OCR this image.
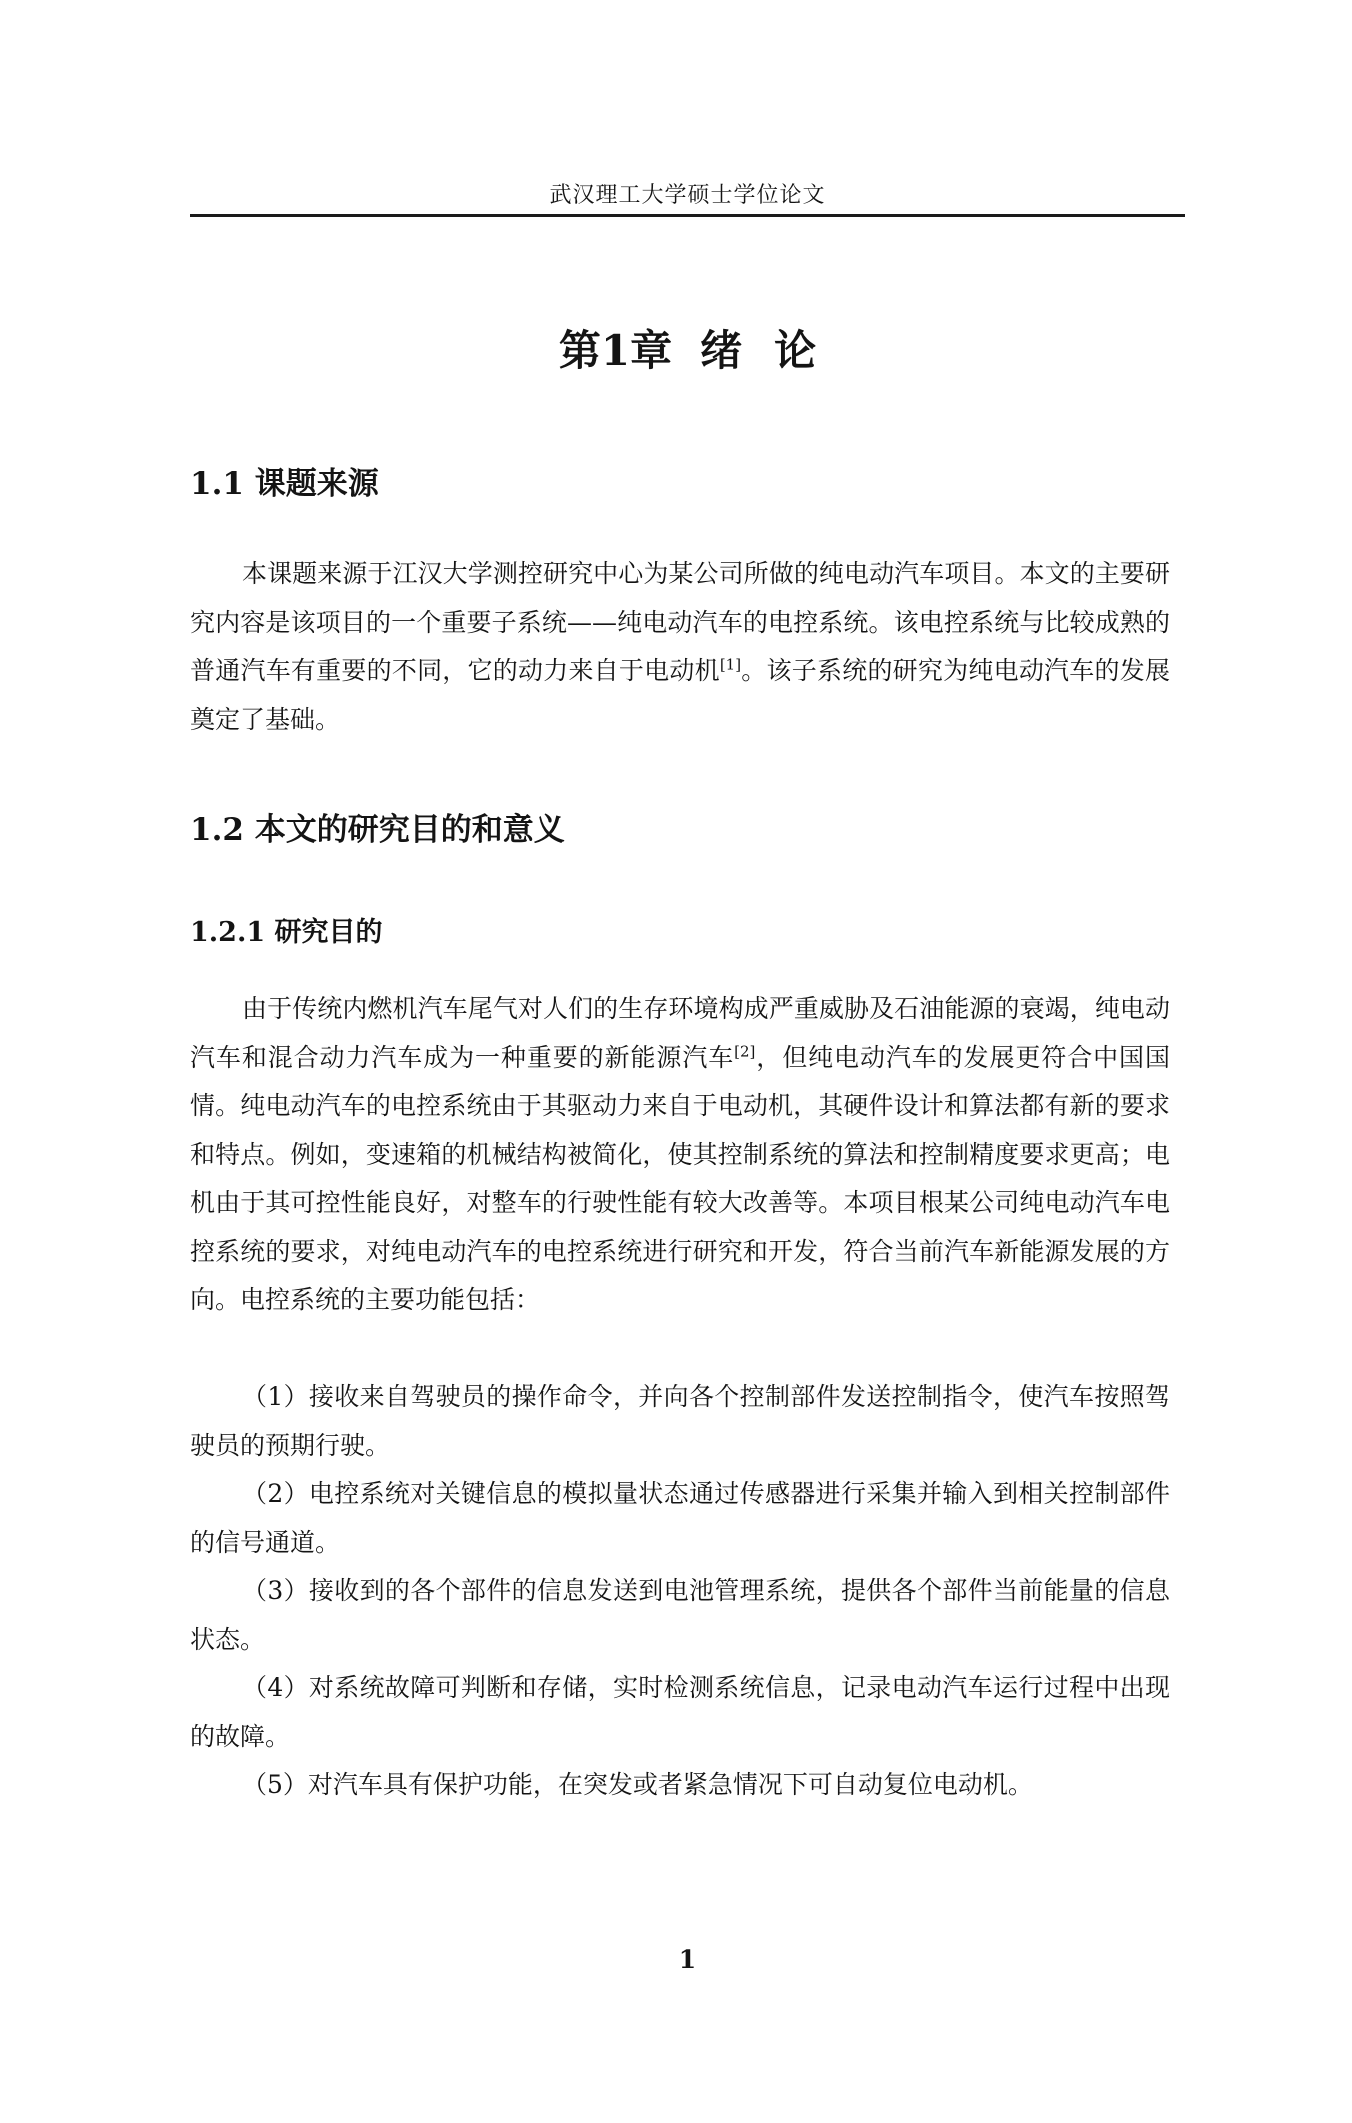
武汉理工大学硕士学位论文
第1章 绪 论
1.1 课题来源

本课题来源于江汉大学测控研究中心为某公司所做的纯电动汽车项目。本文的主要研究内容是该项目的一个重要子系统——纯电动汽车的电控系统。该电控系统与比较成熟的普通汽车有重要的不同，它的动力来自于电动机[1]。该子系统的研究为纯电动汽车的发展奠定了基础。

1.2 本文的研究目的和意义
1.2.1 研究目的

由于传统内燃机汽车尾气对人们的生存环境构成严重威胁及石油能源的衰竭，纯电动汽车和混合动力汽车成为一种重要的新能源汽车[2]，但纯电动汽车的发展更符合中国国情。纯电动汽车的电控系统由于其驱动力来自于电动机，其硬件设计和算法都有新的要求和特点。例如，变速箱的机械结构被简化，使其控制系统的算法和控制精度要求更高；电机由于其可控性能良好，对整车的行驶性能有较大改善等。本项目根某公司纯电动汽车电控系统的要求，对纯电动汽车的电控系统进行研究和开发，符合当前汽车新能源发展的方向。电控系统的主要功能包括：

（1）接收来自驾驶员的操作命令，并向各个控制部件发送控制指令，使汽车按照驾驶员的预期行驶。

（2）电控系统对关键信息的模拟量状态通过传感器进行采集并输入到相关控制部件的信号通道。

（3）接收到的各个部件的信息发送到电池管理系统，提供各个部件当前能量的信息状态。

（4）对系统故障可判断和存储，实时检测系统信息，记录电动汽车运行过程中出现的故障。

（5）对汽车具有保护功能，在突发或者紧急情况下可自动复位电动机。

1
